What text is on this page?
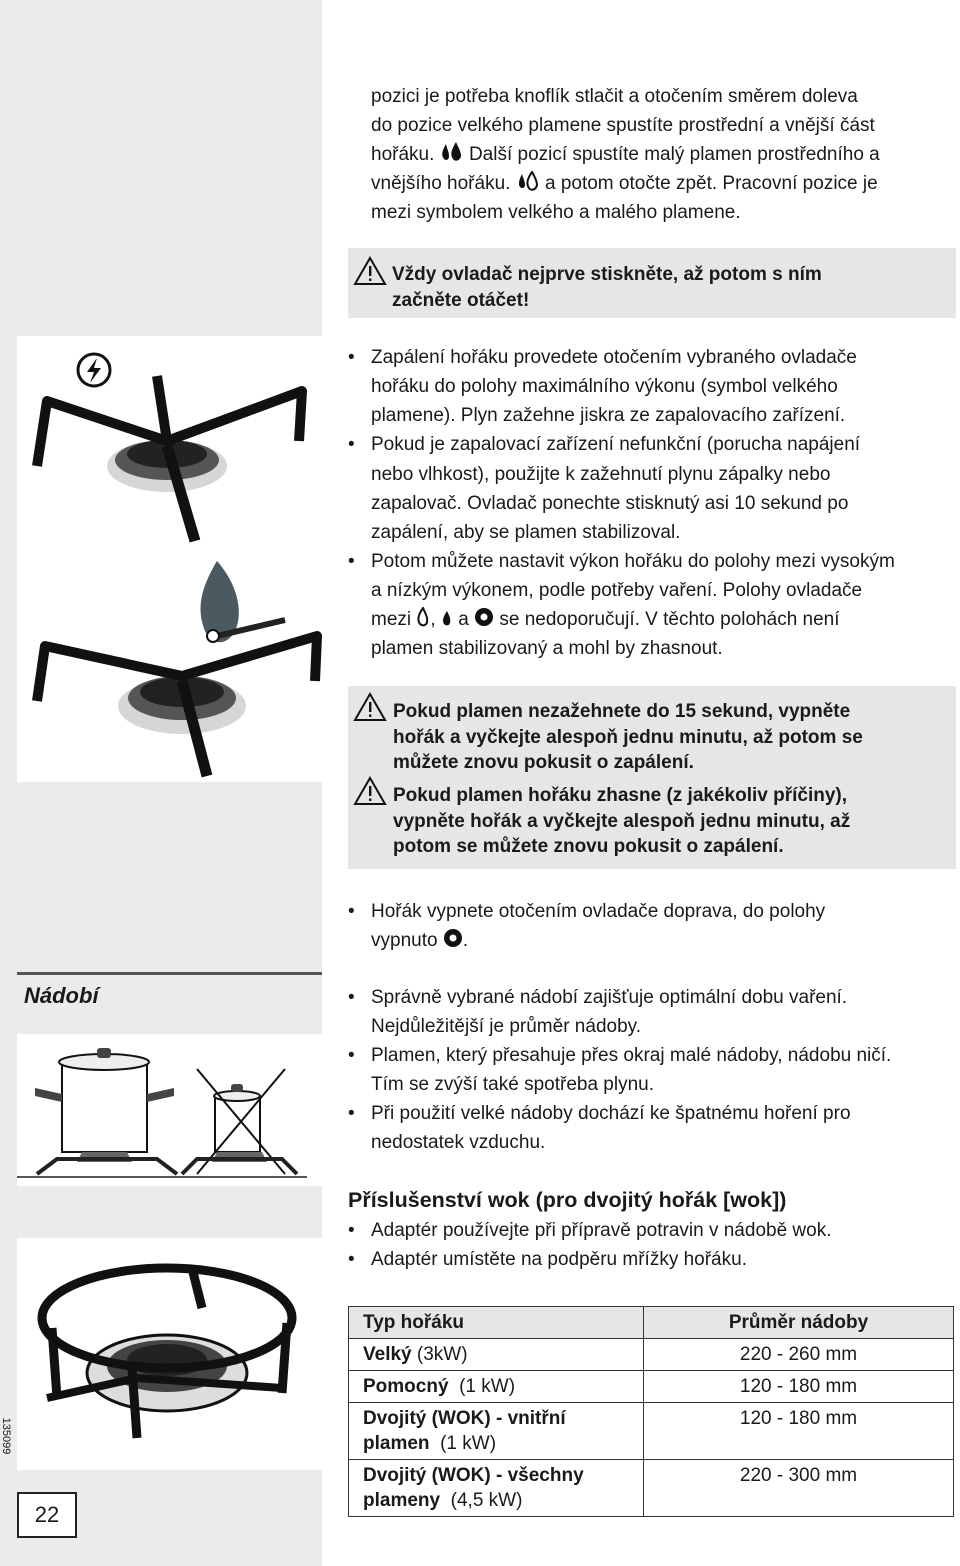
Nádobí
135099
22
pozici je potřeba knoflík stlačit a otočením směrem doleva
do pozice velkého plamene spustíte prostřední a vnější část
hořáku. Další pozicí spustíte malý plamen prostředního a
vnějšího hořáku. a potom otočte zpět. Pracovní pozice je
mezi symbolem velkého a malého plamene.
Vždy ovladač nejprve stiskněte, až potom s ním
začněte otáčet!
• Zapálení hořáku provedete otočením vybraného ovladače
hořáku do polohy maximálního výkonu (symbol velkého
plamene). Plyn zažehne jiskra ze zapalovacího zařízení.
• Pokud je zapalovací zařízení nefunkční (porucha napájení
nebo vlhkost), použijte k zažehnutí plynu zápalky nebo
zapalovač. Ovladač ponechte stisknutý asi 10 sekund po
zapálení, aby se plamen stabilizoval.
• Potom můžete nastavit výkon hořáku do polohy mezi vysokým
a nízkým výkonem, podle potřeby vaření. Polohy ovladače
mezi , a se nedoporučují. V těchto polohách není
plamen stabilizovaný a mohl by zhasnout.
Pokud plamen nezažehnete do 15 sekund, vypněte
hořák a vyčkejte alespoň jednu minutu, až potom se
můžete znovu pokusit o zapálení.
Pokud plamen hořáku zhasne (z jakékoliv příčiny),
vypněte hořák a vyčkejte alespoň jednu minutu, až
potom se můžete znovu pokusit o zapálení.
• Hořák vypnete otočením ovladače doprava, do polohy
vypnuto .
• Správně vybrané nádobí zajišťuje optimální dobu vaření.
Nejdůležitější je průměr nádoby.
• Plamen, který přesahuje přes okraj malé nádoby, nádobu ničí.
Tím se zvýší také spotřeba plynu.
• Při použití velké nádoby dochází ke špatnému hoření pro
nedostatek vzduchu.
Příslušenství wok (pro dvojitý hořák [wok])
• Adaptér používejte při přípravě potravin v nádobě wok.
• Adaptér umístěte na podpěru mřížky hořáku.
Typ hořáku	Průměr nádoby
Velký (3kW)	220 - 260 mm
Pomocný  (1 kW)	120 - 180 mm
Dvojitý (WOK) - vnitřní
plamen  (1 kW)	120 - 180 mm
Dvojitý (WOK) - všechny
plameny  (4,5 kW)	220 - 300 mm
